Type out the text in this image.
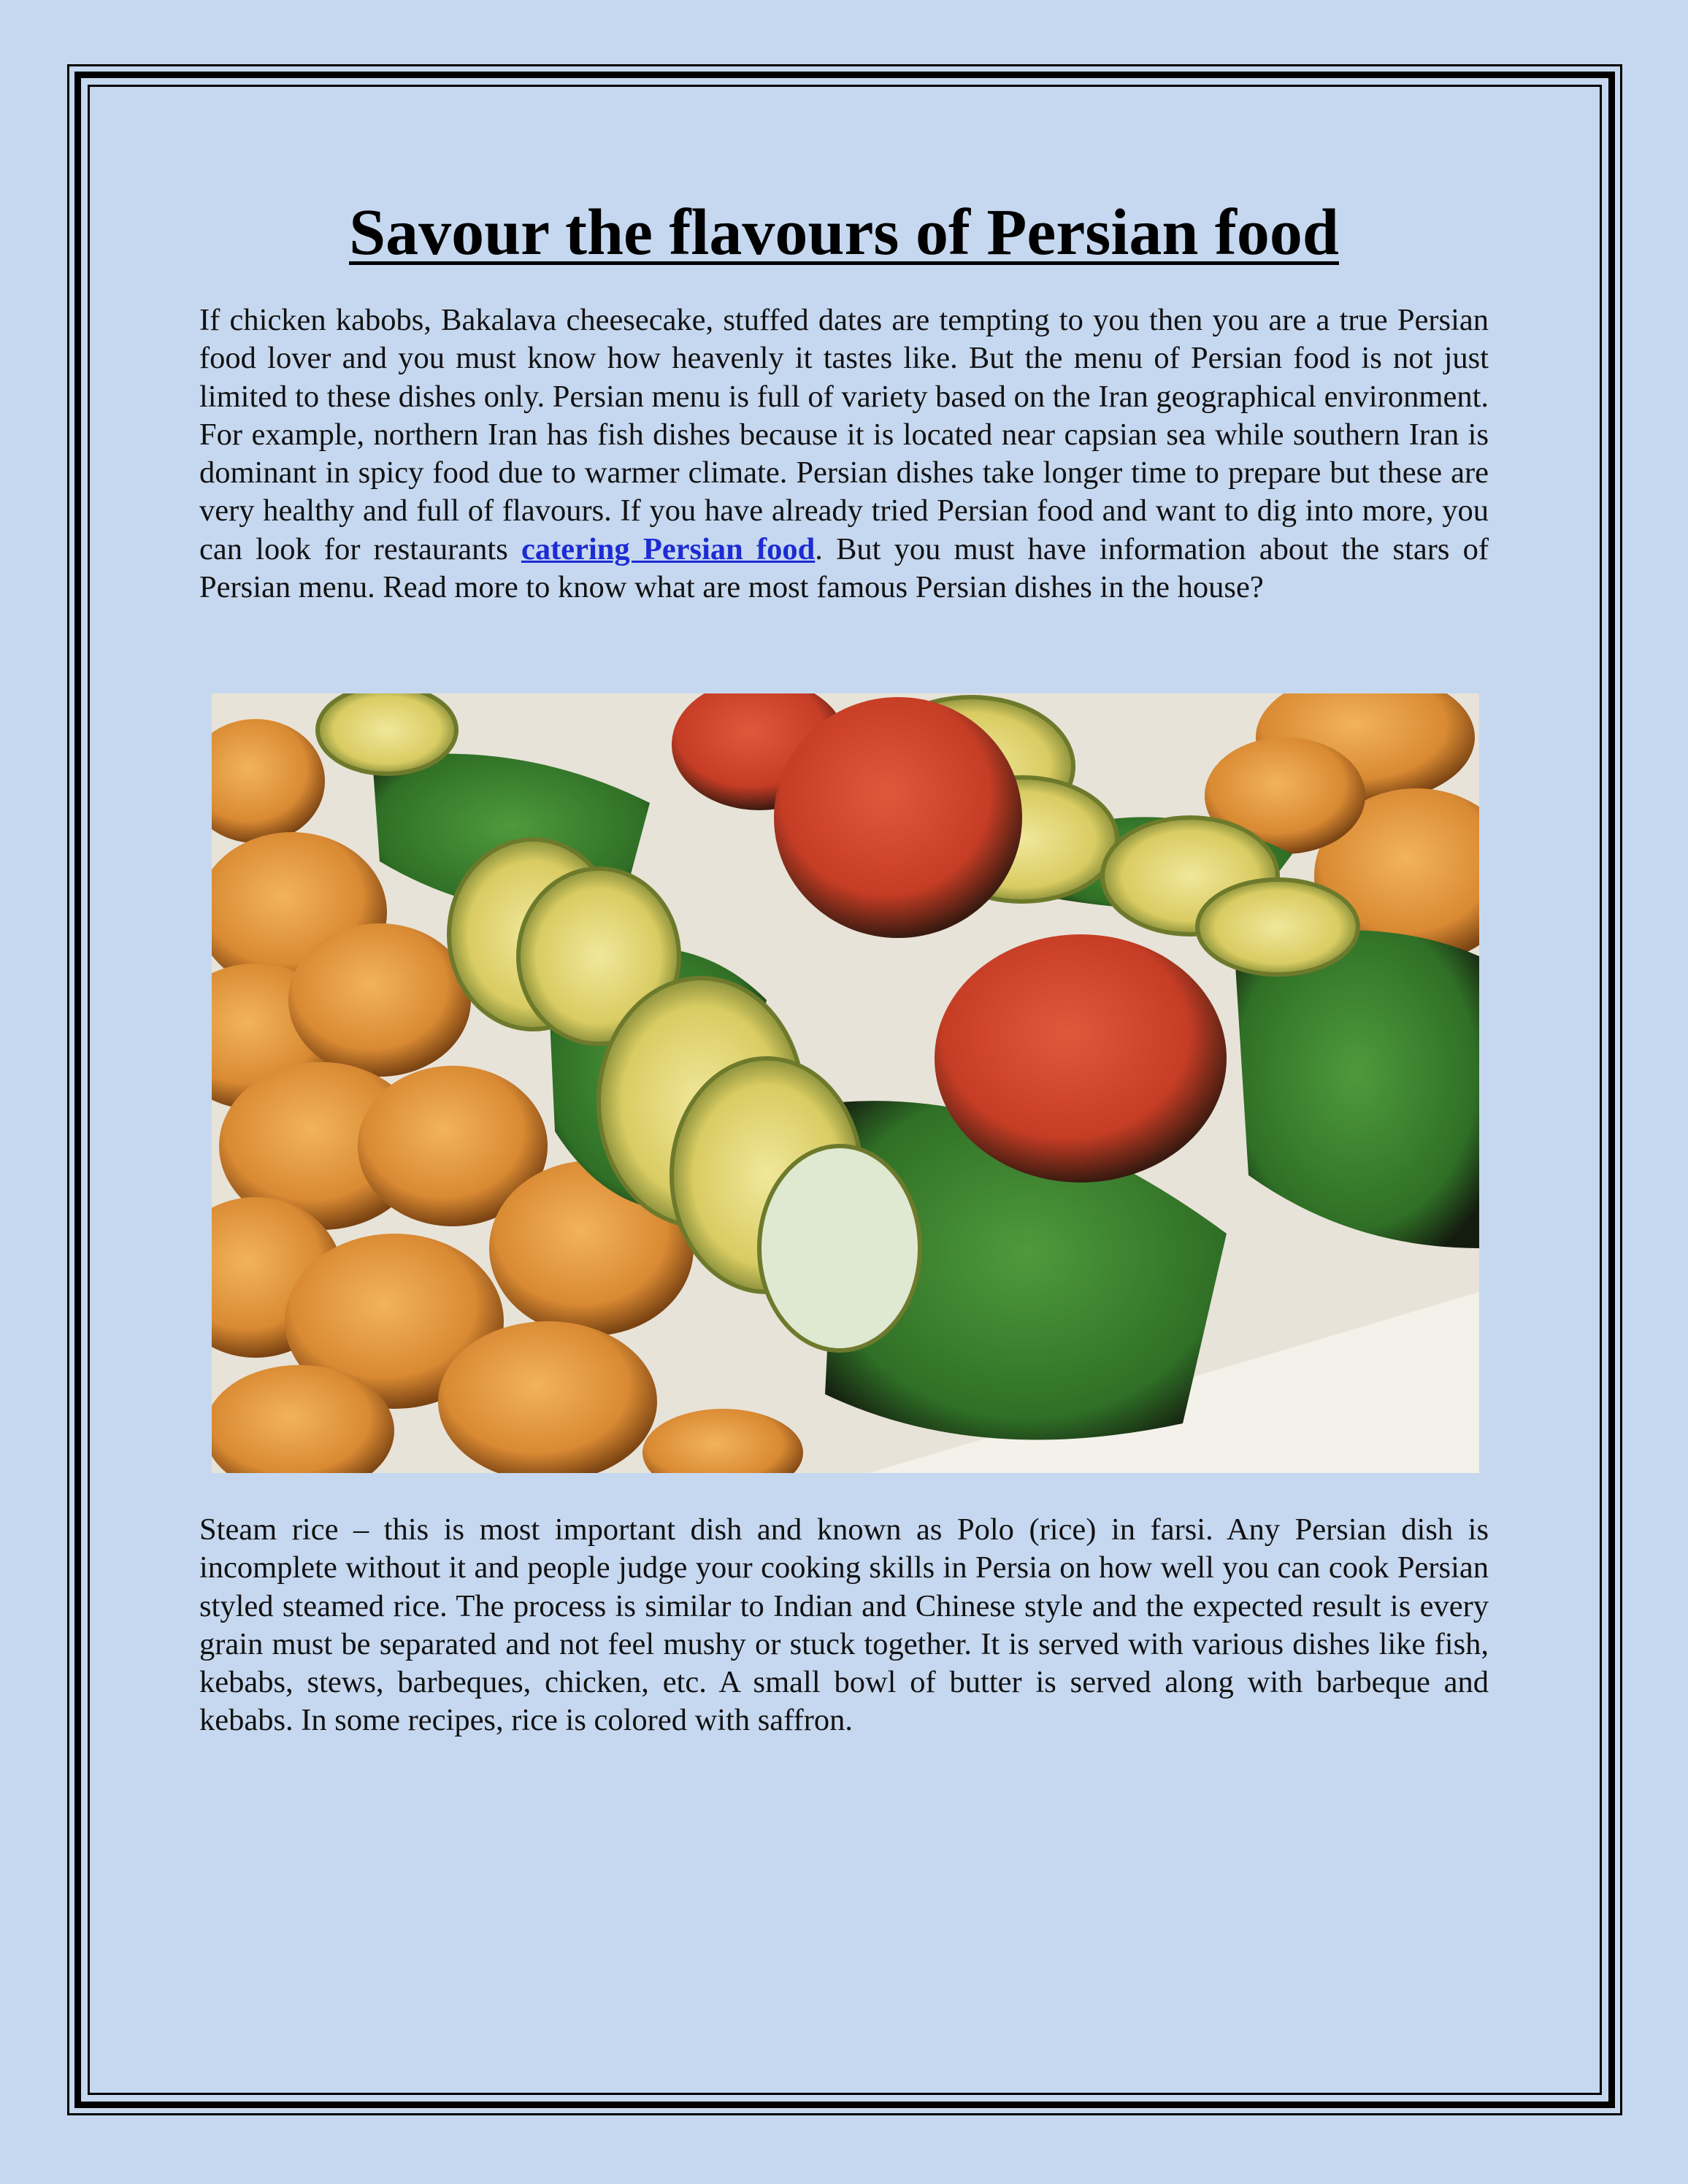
Savour the flavours of Persian food

If chicken kabobs, Bakalava cheesecake, stuffed dates are tempting to you then you are a true Persian food lover and you must know how heavenly it tastes like. But the menu of Persian food is not just limited to these dishes only. Persian menu is full of variety based on the Iran geographical environment. For example, northern Iran has fish dishes because it is located near capsian sea while southern Iran is dominant in spicy food due to warmer climate. Persian dishes take longer time to prepare but these are very healthy and full of flavours. If you have already tried Persian food and want to dig into more, you can look for restaurants catering Persian food. But you must have information about the stars of Persian menu. Read more to know what are most famous Persian dishes in the house?

Steam rice – this is most important dish and known as Polo (rice) in farsi. Any Persian dish is incomplete without it and people judge your cooking skills in Persia on how well you can cook Persian styled steamed rice. The process is similar to Indian and Chinese style and the expected result is every grain must be separated and not feel mushy or stuck together. It is served with various dishes like fish, kebabs, stews, barbeques, chicken, etc. A small bowl of butter is served along with barbeque and kebabs. In some recipes, rice is colored with saffron.
